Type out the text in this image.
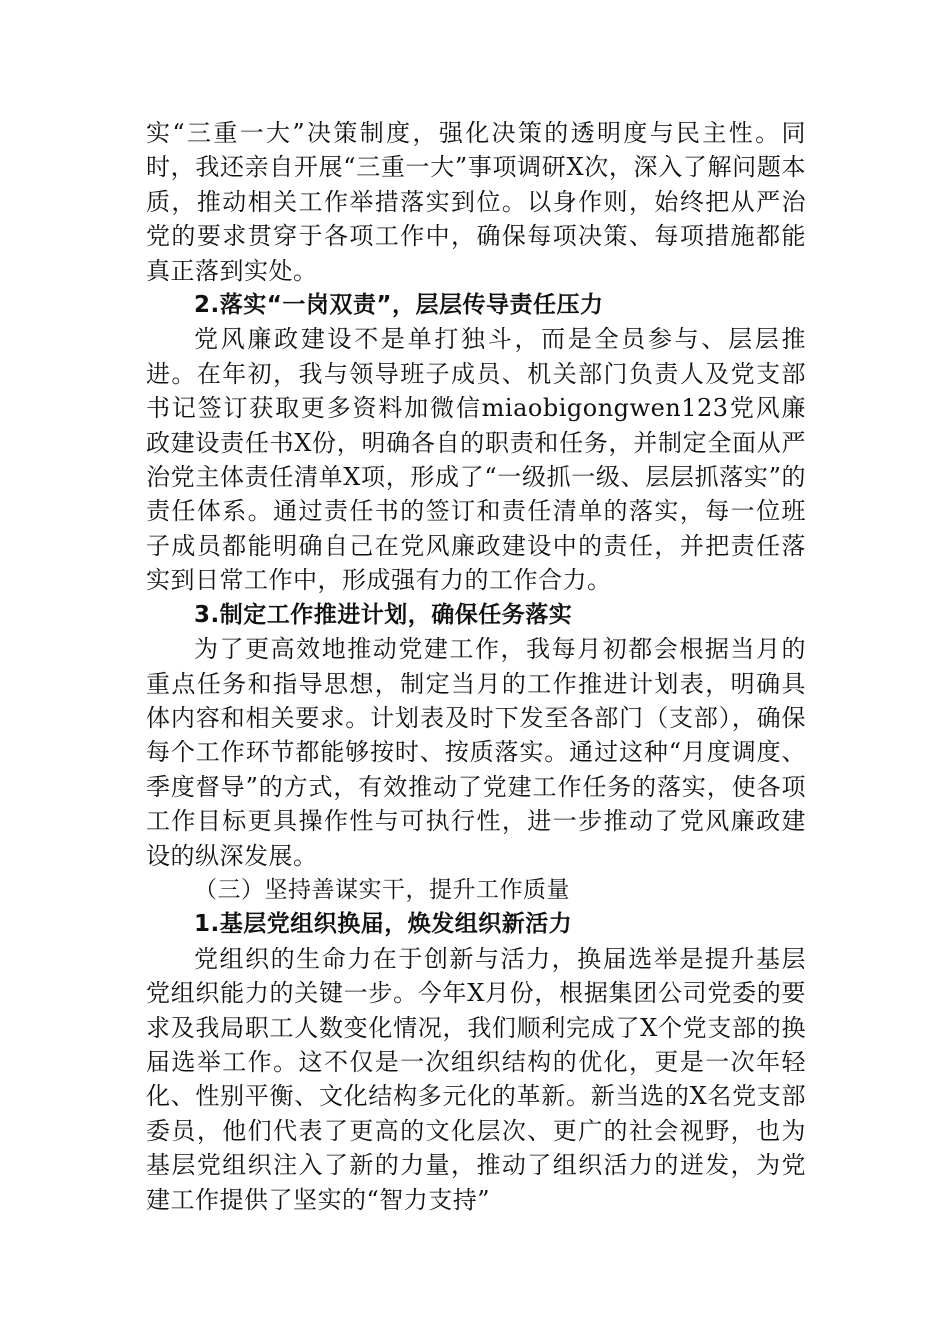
实“三重一大”决策制度，强化决策的透明度与民主性。同时，我还亲自开展“三重一大”事项调研X次，深入了解问题本质，推动相关工作举措落实到位。以身作则，始终把从严治党的要求贯穿于各项工作中，确保每项决策、每项措施都能真正落到实处。

2.落实“一岗双责”，层层传导责任压力

党风廉政建设不是单打独斗，而是全员参与、层层推进。在年初，我与领导班子成员、机关部门负责人及党支部书记签订获取更多资料加微信miaobigongwen123党风廉政建设责任书X份，明确各自的职责和任务，并制定全面从严治党主体责任清单X项，形成了“一级抓一级、层层抓落实”的责任体系。通过责任书的签订和责任清单的落实，每一位班子成员都能明确自己在党风廉政建设中的责任，并把责任落实到日常工作中，形成强有力的工作合力。

3.制定工作推进计划，确保任务落实

为了更高效地推动党建工作，我每月初都会根据当月的重点任务和指导思想，制定当月的工作推进计划表，明确具体内容和相关要求。计划表及时下发至各部门（支部），确保每个工作环节都能够按时、按质落实。通过这种“月度调度、季度督导”的方式，有效推动了党建工作任务的落实，使各项工作目标更具操作性与可执行性，进一步推动了党风廉政建设的纵深发展。

（三）坚持善谋实干，提升工作质量

1.基层党组织换届，焕发组织新活力

党组织的生命力在于创新与活力，换届选举是提升基层党组织能力的关键一步。今年X月份，根据集团公司党委的要求及我局职工人数变化情况，我们顺利完成了X个党支部的换届选举工作。这不仅是一次组织结构的优化，更是一次年轻化、性别平衡、文化结构多元化的革新。新当选的X名党支部委员，他们代表了更高的文化层次、更广的社会视野，也为基层党组织注入了新的力量，推动了组织活力的迸发，为党建工作提供了坚实的“智力支持”
